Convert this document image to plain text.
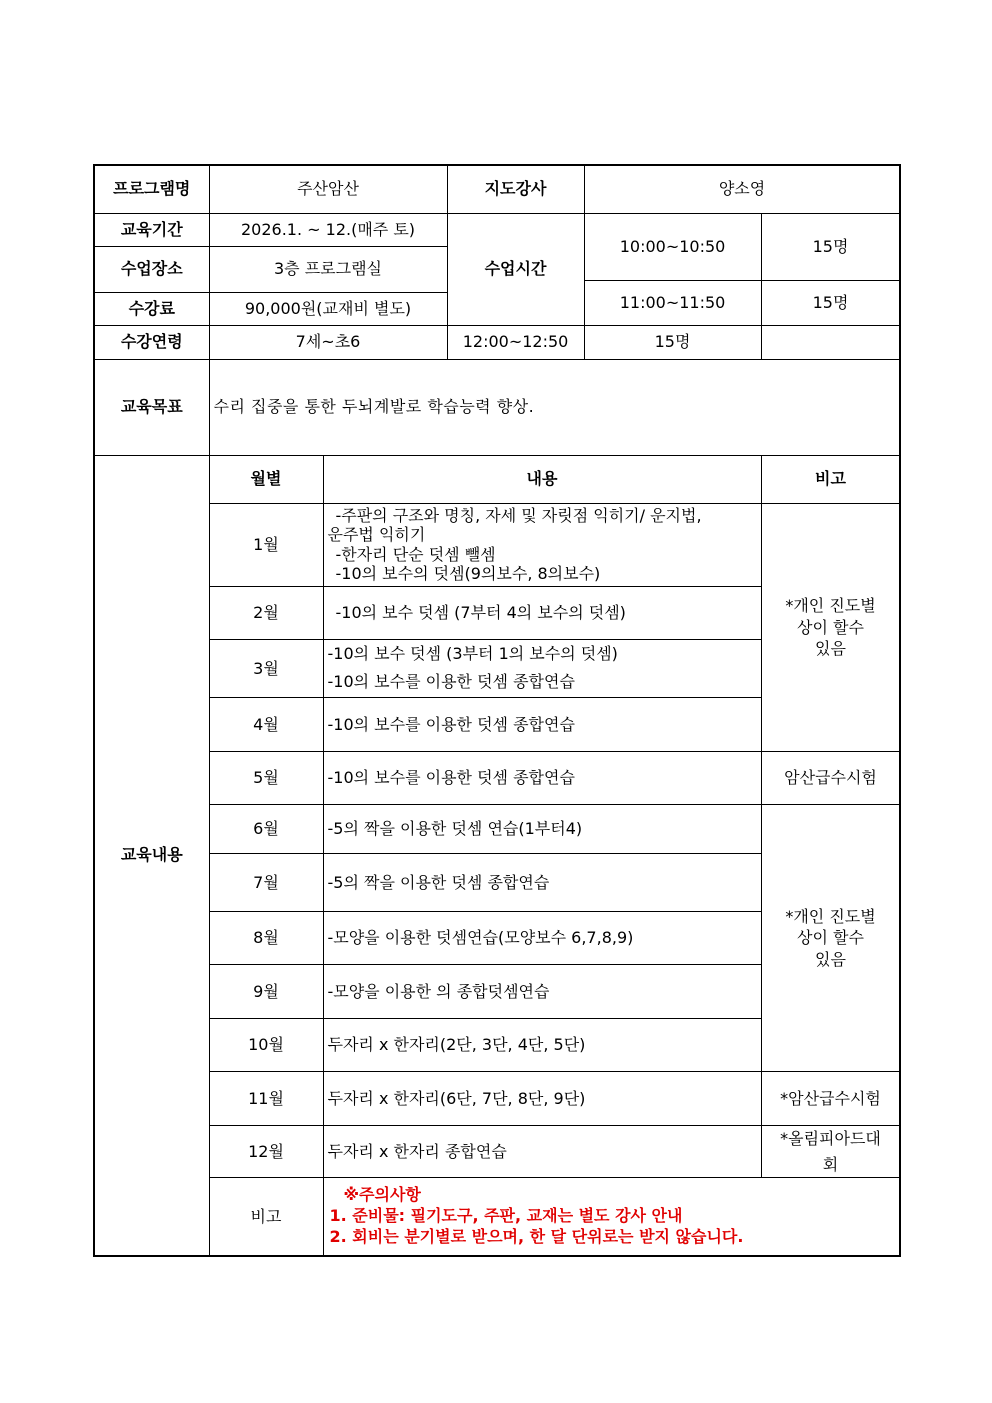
프로그램명	주산암산		지도강사	양소영	
교육기간	2026.1. ~ 12.(매주 토)		수업시간	10:00~10:50	15명
수업장소	3층 프로그램실				
				11:00~11:50	15명
수강료	90,000원(교재비 별도)				
수강연령	7세~초6		12:00~12:50	15명	
교육목표	수리 집중을 통한 두뇌계발로 학습능력 향상.				
교육내용	월별	내용			비고
	1월	-주판의 구조와 명칭, 자세 및 자릿점 익히기/ 운지법,
운주법 익히기
-한자리 단순 덧셈 뺄셈
-10의 보수의 덧셈(9의보수, 8의보수)			*개인 진도별
상이 할수
있음

	2월	-10의 보수 덧셈 (7부터 4의 보수의 덧셈)			

	3월	-10의 보수 덧셈 (3부터 1의 보수의 덧셈)
-10의 보수를 이용한 덧셈 종합연습			

	4월	-10의 보수를 이용한 덧셈 종합연습			

	5월	-10의 보수를 이용한 덧셈 종합연습			암산급수시험
	6월	-5의 짝을 이용한 덧셈 연습(1부터4)			*개인 진도별
상이 할수
있음

	7월	-5의 짝을 이용한 덧셈 종합연습			

	8월	-모양을 이용한 덧셈연습(모양보수 6,7,8,9)			

	9월	-모양을 이용한 의 종합덧셈연습			

	10월	두자리 x 한자리(2단, 3단, 4단, 5단)			

	11월	두자리 x 한자리(6단, 7단, 8단, 9단)			*암산급수시험
	12월	두자리 x 한자리 종합연습			*올림피아드대
회

	비고	※주의사항
1. 준비물: 필기도구, 주판, 교재는 별도 강사 안내
2. 회비는 분기별로 받으며, 한 달 단위로는 받지 않습니다.			
